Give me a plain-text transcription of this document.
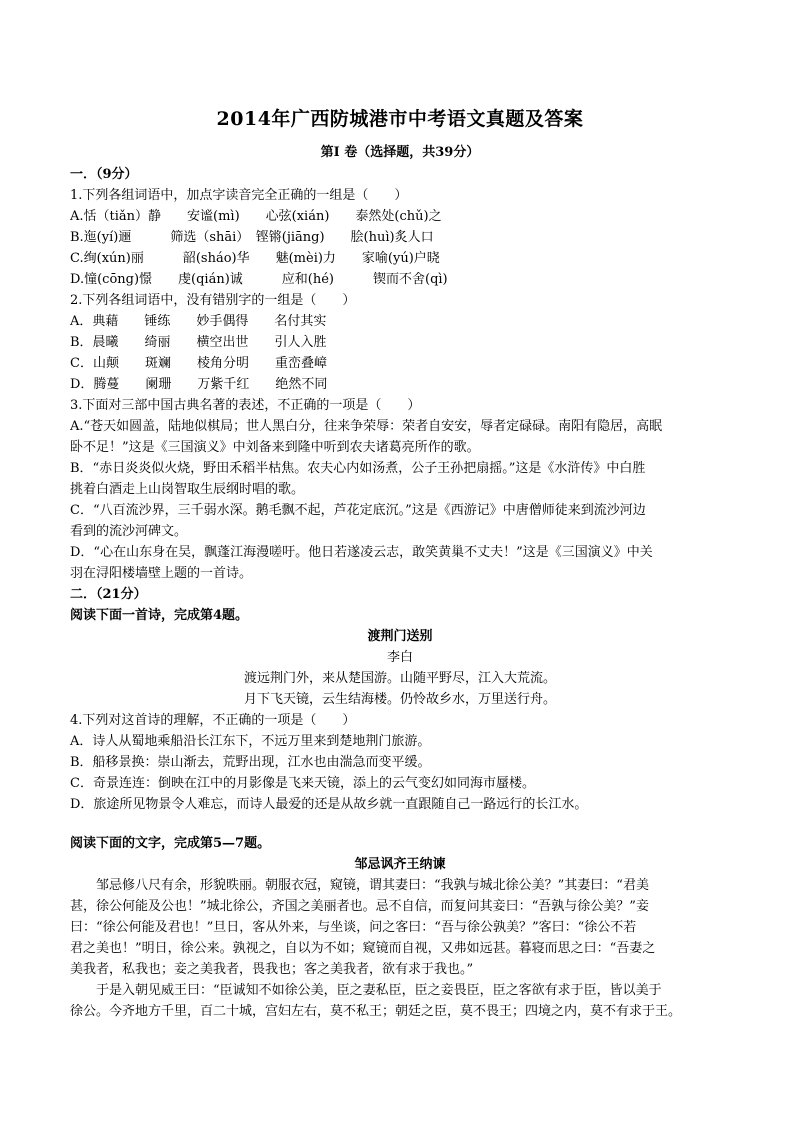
2014年广西防城港市中考语文真题及答案
第Ⅰ 卷（选择题，共39分）
一．（9分）
1.下列各组词语中，加点字读音完全正确的一组是（　　）
A.恬（tiǎn）静　　安谧(mì)　　心弦(xián)　　泰然处(chǔ)之
B.迤(yí)逦　　　筛选（shāi）　铿锵(jiāng)　　脍(huì)炙人口
C.绚(xún)丽　　　韶(sháo)华　　魅(mèi)力　　家喻(yú)户晓
D.憧(cōng)憬　　虔(qián)诚　　　应和(hé)　　　锲而不舍(qì)
2.下列各组词语中，没有错别字的一组是（　　）
A．典藉　　锤练　　妙手偶得　　名付其实
B．晨曦　　绮丽　　横空出世　　引人入胜
C．山颠　　斑斓　　棱角分明　　重峦叠嶂
D．腾蔓　　阑珊　　万紫千红　　绝然不同
3.下面对三部中国古典名著的表述，不正确的一项是（　　）
A.“苍天如圆盖，陆地似棋局；世人黑白分，往来争荣辱：荣者自安安，辱者定碌碌。南阳有隐居，高眠
卧不足！”这是《三国演义》中刘备来到隆中听到农夫诸葛亮所作的歌。
B．“赤日炎炎似火烧，野田禾稻半枯焦。农夫心内如汤煮，公子王孙把扇摇。”这是《水浒传》中白胜
挑着白酒走上山岗智取生辰纲时唱的歌。
C．“八百流沙界，三千弱水深。鹅毛飘不起，芦花定底沉。”这是《西游记》中唐僧师徒来到流沙河边
看到的流沙河碑文。
D．“心在山东身在吴，飘蓬江海漫嗟吁。他日若遂凌云志，敢笑黄巢不丈夫！”这是《三国演义》中关
羽在浔阳楼墙壁上题的一首诗。
二．（21分）
阅读下面一首诗，完成第4题。
渡荆门送别
李白
渡远荆门外，来从楚国游。山随平野尽，江入大荒流。
月下飞天镜，云生结海楼。仍怜故乡水，万里送行舟。
4.下列对这首诗的理解，不正确的一项是（　　）
A．诗人从蜀地乘船沿长江东下，不远万里来到楚地荆门旅游。
B．船移景换：崇山渐去，荒野出现，江水也由湍急而变平缓。
C．奇景连连：倒映在江中的月影像是飞来天镜，添上的云气变幻如同海市蜃楼。
D．旅途所见物景令人难忘，而诗人最爱的还是从故乡就一直跟随自己一路远行的长江水。
阅读下面的文字，完成第5—7题。
邹忌讽齐王纳谏
邹忌修八尺有余，形貌昳丽。朝服衣冠，窥镜，谓其妻曰：“我孰与城北徐公美？”其妻曰：“君美
甚，徐公何能及公也！”城北徐公，齐国之美丽者也。忌不自信，而复问其妾曰：“吾孰与徐公美？”妾
曰：“徐公何能及君也！”旦日，客从外来，与坐谈，问之客曰：“吾与徐公孰美？”客曰：“徐公不若
君之美也！”明日，徐公来。孰视之，自以为不如；窥镜而自视，又弗如远甚。暮寝而思之曰：“吾妻之
美我者，私我也；妾之美我者，畏我也；客之美我者，欲有求于我也。”
于是入朝见威王曰：“臣诚知不如徐公美，臣之妻私臣，臣之妾畏臣，臣之客欲有求于臣，皆以美于
徐公。今齐地方千里，百二十城，宫妇左右，莫不私王；朝廷之臣，莫不畏王；四境之内，莫不有求于王。
